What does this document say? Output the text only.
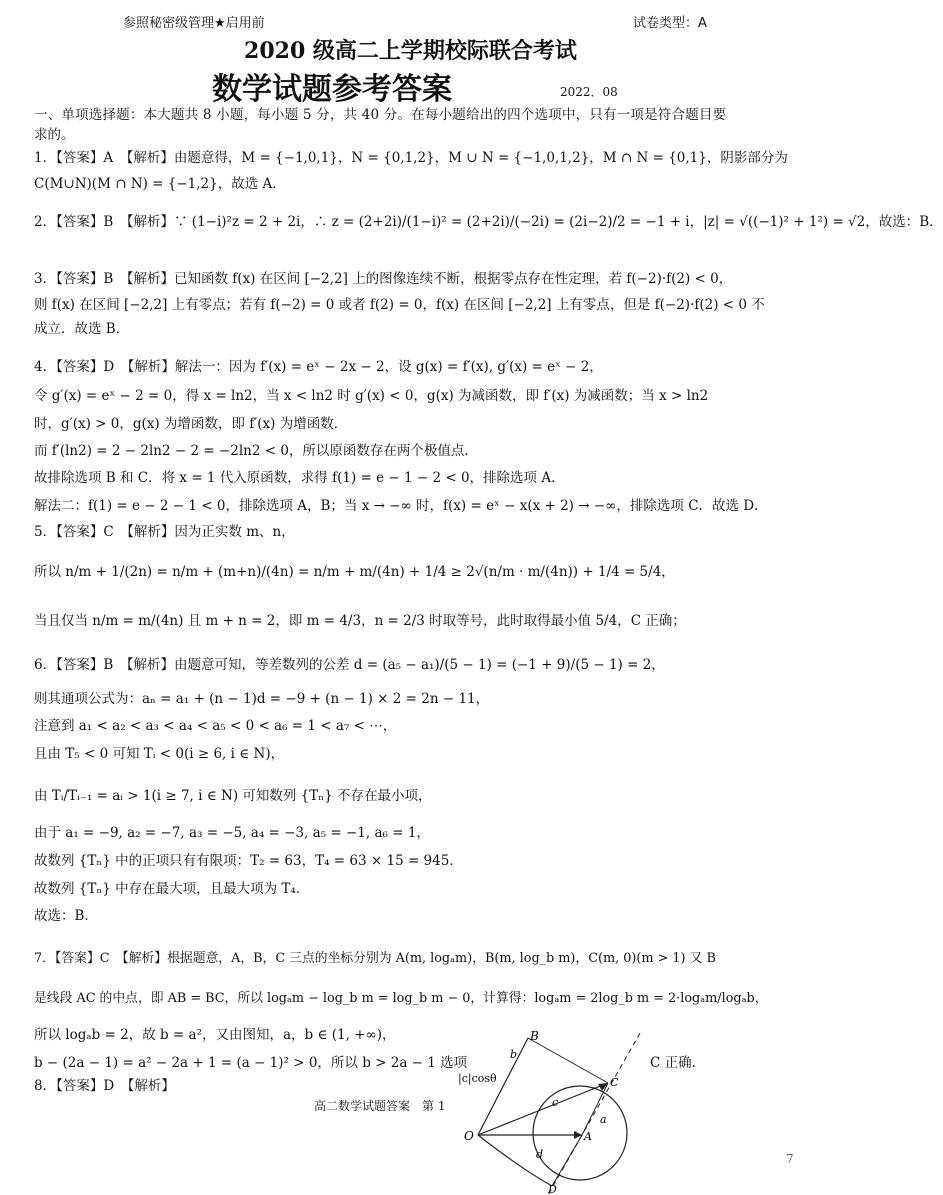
参照秘密级管理★启用前	试卷类型：A
2020 级高二上学期校际联合考试
数学试题参考答案	2022．08
一、单项选择题：本大题共 8 小题，每小题 5 分，共 40 分。在每小题给出的四个选项中，只有一项是符合题目要
求的。
1．【答案】A　【解析】由题意得，M = {−1,0,1}，N = {0,1,2}，M ∪ N = {−1,0,1,2}，M ∩ N = {0,1}，阴影部分为
C(M∪N)(M ∩ N) = {−1,2}，故选 A．
2．【答案】B　【解析】∵ (1−i)²z = 2 + 2i，∴ z = (2+2i)/(1−i)² = (2+2i)/(−2i) = (2i−2)/2 = −1 + i，|z| = √((−1)² + 1²) = √2，故选：B．
3．【答案】B　【解析】已知函数 f(x) 在区间 [−2,2] 上的图像连续不断，根据零点存在性定理，若 f(−2)·f(2) < 0，
则 f(x) 在区间 [−2,2] 上有零点；若有 f(−2) = 0 或者 f(2) = 0，f(x) 在区间 [−2,2] 上有零点，但是 f(−2)·f(2) < 0 不
成立．故选 B．
4．【答案】D　【解析】解法一：因为 f′(x) = eˣ − 2x − 2，设 g(x) = f′(x), g′(x) = eˣ − 2，
令 g′(x) = eˣ − 2 = 0，得 x = ln2，当 x < ln2 时 g′(x) < 0，g(x) 为减函数，即 f′(x) 为减函数；当 x > ln2
时，g′(x) > 0，g(x) 为增函数，即 f′(x) 为增函数．
而 f′(ln2) = 2 − 2ln2 − 2 = −2ln2 < 0，所以原函数存在两个极值点．
故排除选项 B 和 C．将 x = 1 代入原函数，求得 f(1) = e − 1 − 2 < 0，排除选项 A．
解法二：f(1) = e − 2 − 1 < 0，排除选项 A，B；当 x → −∞ 时，f(x) = eˣ − x(x + 2) → −∞，排除选项 C．故选 D．
5．【答案】C　【解析】因为正实数 m、n，
所以 n/m + 1/(2n) = n/m + (m+n)/(4n) = n/m + m/(4n) + 1/4 ≥ 2√(n/m · m/(4n)) + 1/4 = 5/4，
当且仅当 n/m = m/(4n) 且 m + n = 2，即 m = 4/3，n = 2/3 时取等号，此时取得最小值 5/4，C 正确；
6．【答案】B　【解析】由题意可知，等差数列的公差 d = (a₅ − a₁)/(5 − 1) = (−1 + 9)/(5 − 1) = 2，
则其通项公式为：aₙ = a₁ + (n − 1)d = −9 + (n − 1) × 2 = 2n − 11，
注意到 a₁ < a₂ < a₃ < a₄ < a₅ < 0 < a₆ = 1 < a₇ < ⋯，
且由 T₅ < 0 可知 Tᵢ < 0(i ≥ 6, i ∈ N)，
由 Tᵢ/Tᵢ₋₁ = aᵢ > 1(i ≥ 7, i ∈ N) 可知数列 {Tₙ} 不存在最小项，
由于 a₁ = −9, a₂ = −7, a₃ = −5, a₄ = −3, a₅ = −1, a₆ = 1，
故数列 {Tₙ} 中的正项只有有限项：T₂ = 63，T₄ = 63 × 15 = 945．
故数列 {Tₙ} 中存在最大项，且最大项为 T₄．
故选：B．
7．【答案】C　【解析】根据题意，A，B，C 三点的坐标分别为 A(m, logₐm)，B(m, log_b m)，C(m, 0)(m > 1) 又 B
是线段 AC 的中点，即 AB = BC，所以 logₐm − log_b m = log_b m − 0，计算得：logₐm = 2log_b m = 2·logₐm/logₐb，
所以 logₐb = 2，故 b = a²，又由图知，a，b ∈ (1, +∞)，
b − (2a − 1) = a² − 2a + 1 = (a − 1)² > 0，所以 b > 2a − 1 选项
8．【答案】D　【解析】
C 正确．
B
b
|c|cosθ	C
c
O	A
a
d
D
高二数学试题答案　第 1
7
